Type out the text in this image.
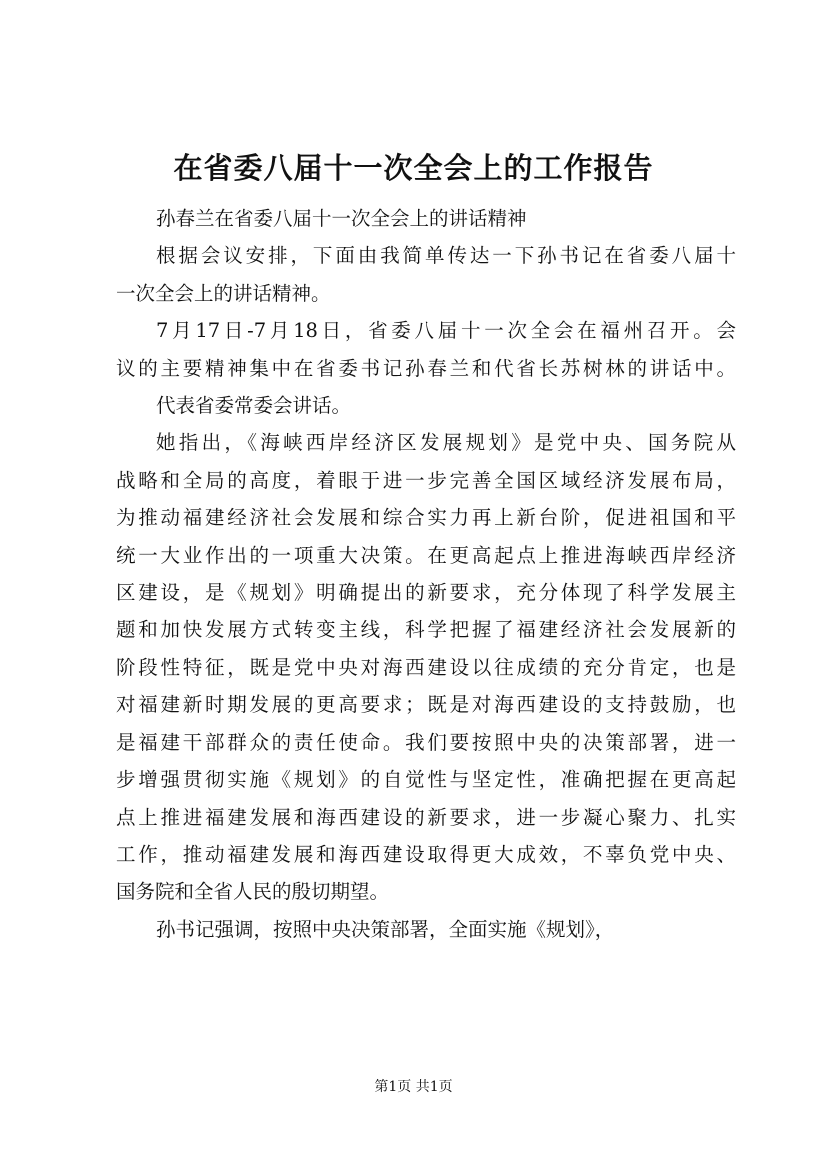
在省委八届十一次全会上的工作报告

孙春兰在省委八届十一次全会上的讲话精神

根据会议安排，下面由我简单传达一下孙书记在省委八届十
一次全会上的讲话精神。

7月17日-7月18日，省委八届十一次全会在福州召开。会
议的主要精神集中在省委书记孙春兰和代省长苏树林的讲话中。

代表省委常委会讲话。

她指出，《海峡西岸经济区发展规划》是党中央、国务院从
战略和全局的高度，着眼于进一步完善全国区域经济发展布局，
为推动福建经济社会发展和综合实力再上新台阶，促进祖国和平
统一大业作出的一项重大决策。在更高起点上推进海峡西岸经济
区建设，是《规划》明确提出的新要求，充分体现了科学发展主
题和加快发展方式转变主线，科学把握了福建经济社会发展新的
阶段性特征，既是党中央对海西建设以往成绩的充分肯定，也是
对福建新时期发展的更高要求；既是对海西建设的支持鼓励，也
是福建干部群众的责任使命。我们要按照中央的决策部署，进一
步增强贯彻实施《规划》的自觉性与坚定性，准确把握在更高起
点上推进福建发展和海西建设的新要求，进一步凝心聚力、扎实
工作，推动福建发展和海西建设取得更大成效，不辜负党中央、
国务院和全省人民的殷切期望。

孙书记强调，按照中央决策部署，全面实施《规划》，

第1页 共1页
